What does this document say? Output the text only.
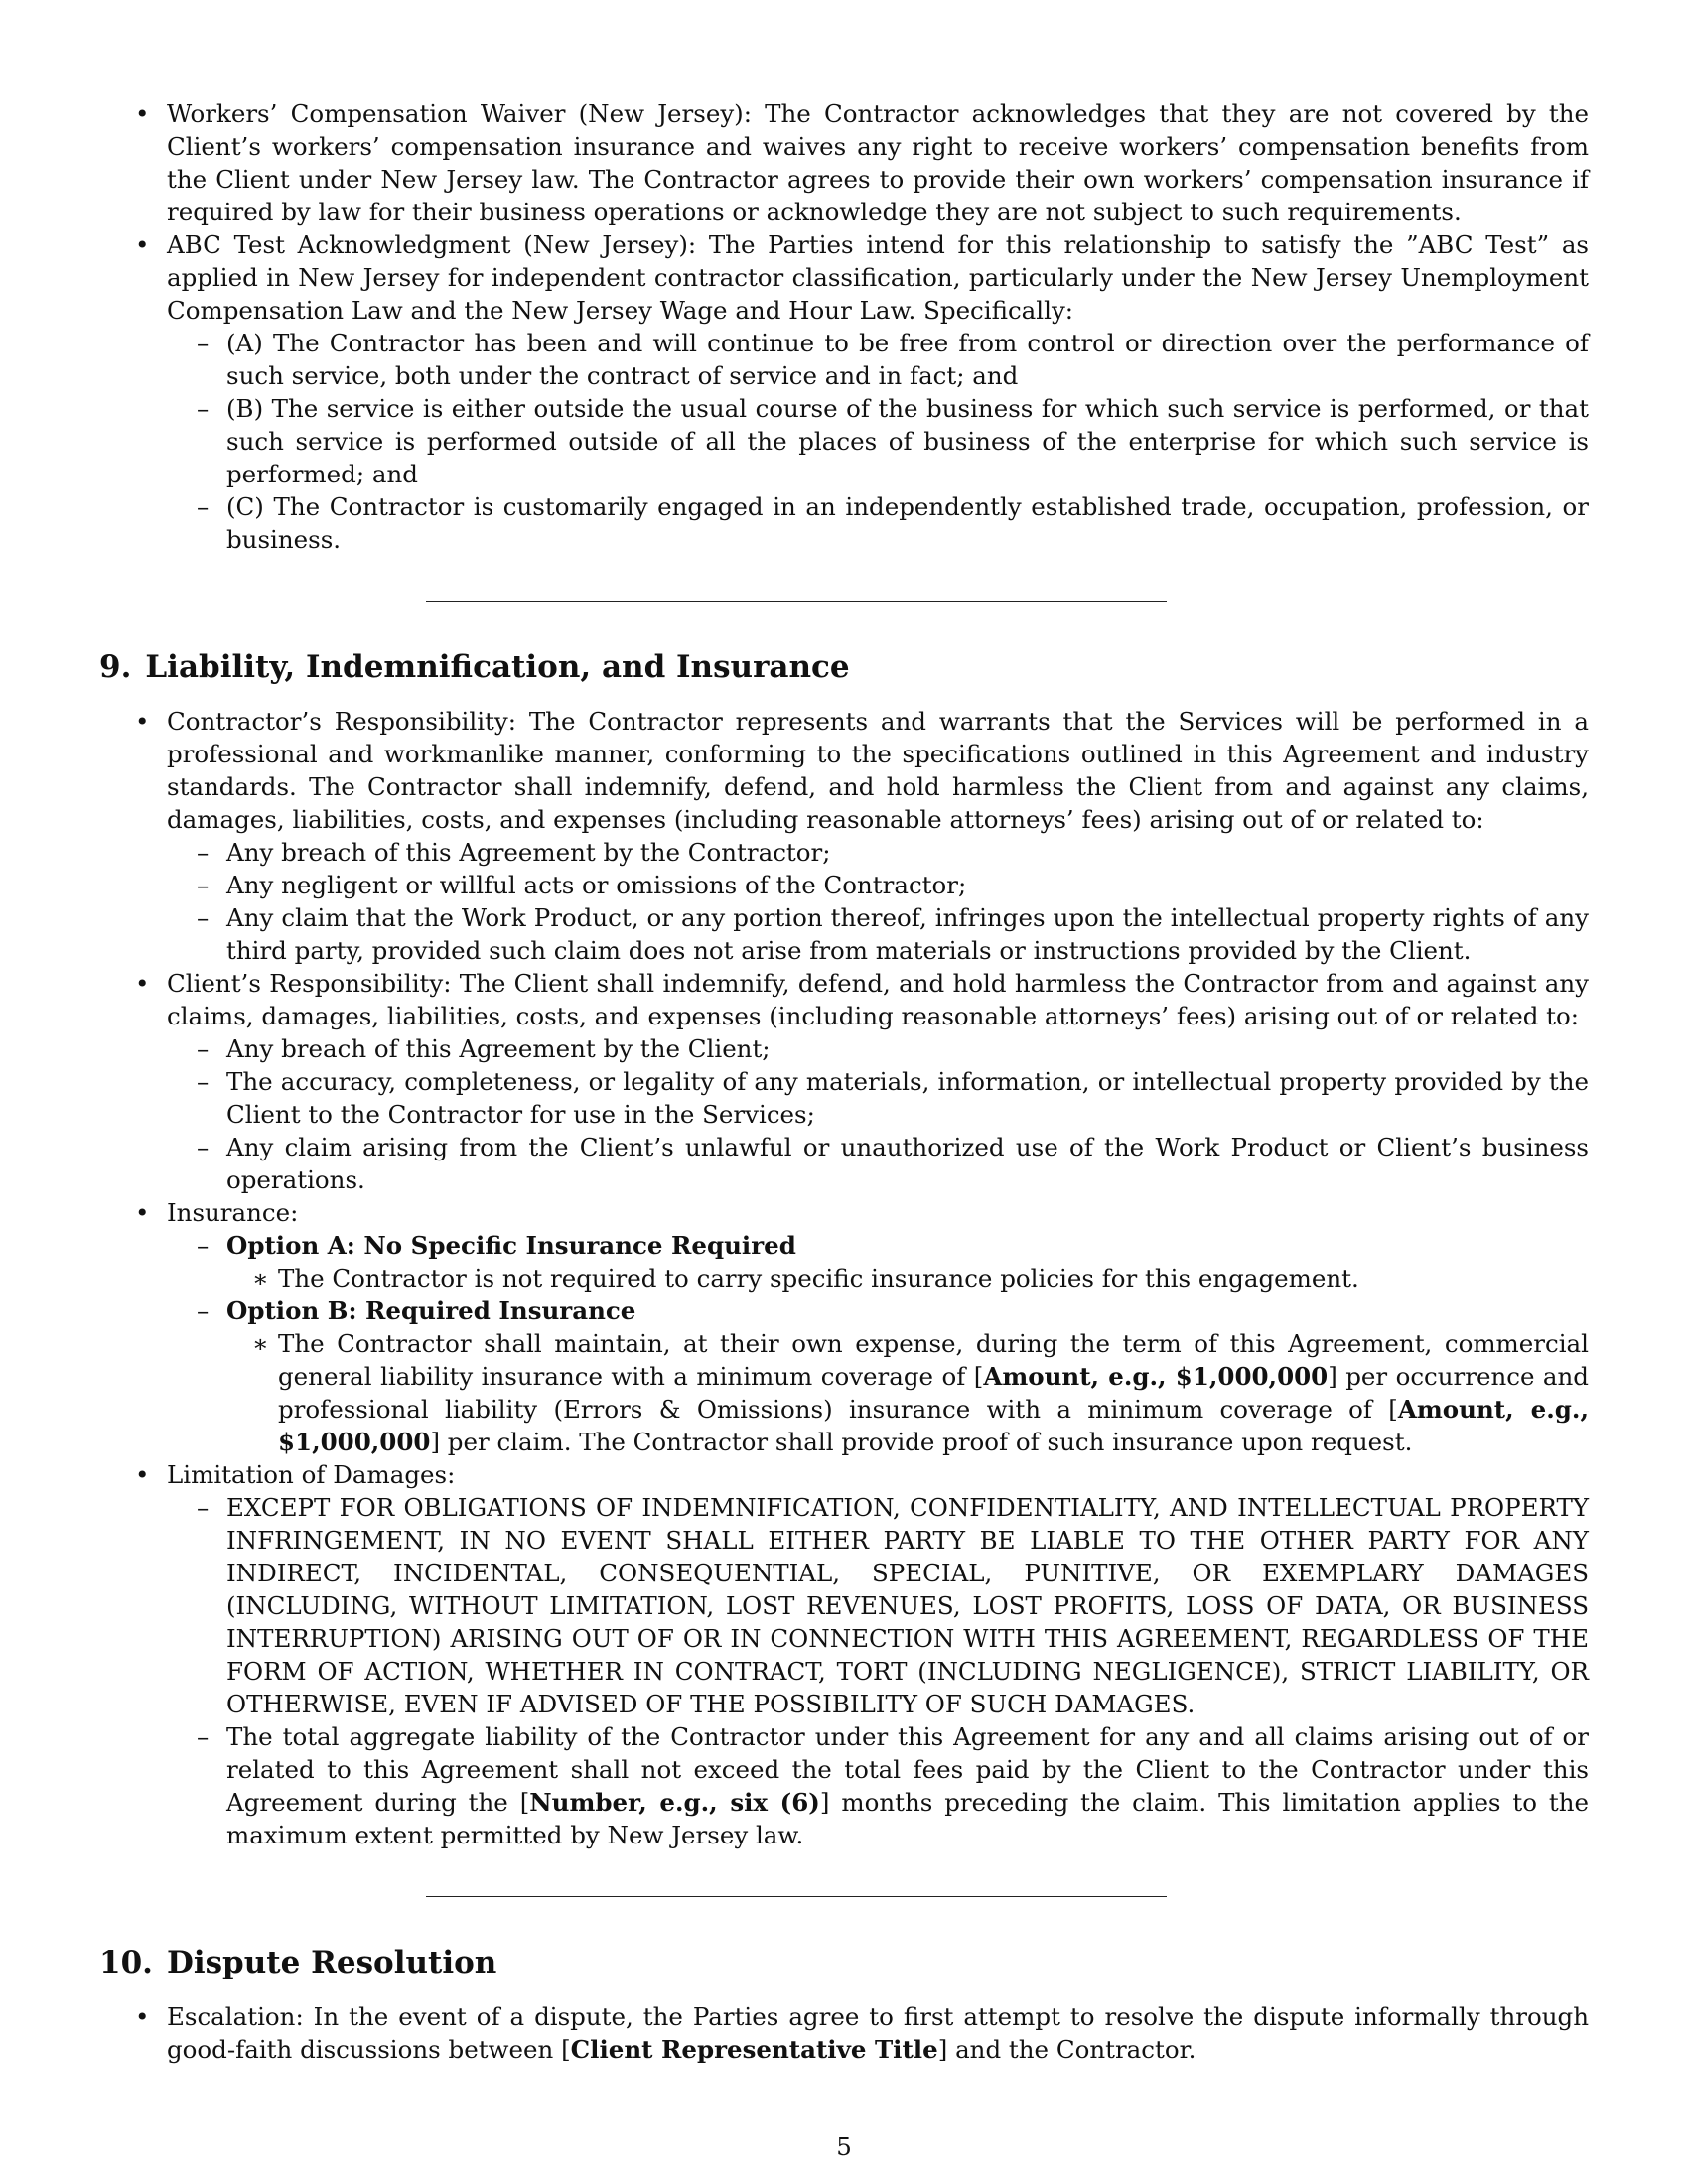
• Workers’ Compensation Waiver (New Jersey): The Contractor acknowledges that they are not covered by the Client’s workers’ compensation insurance and waives any right to receive workers’ compensation benefits from the Client under New Jersey law. The Contractor agrees to provide their own workers’ compensation insurance if required by law for their business operations or acknowledge they are not subject to such requirements.
• ABC Test Acknowledgment (New Jersey): The Parties intend for this relationship to satisfy the ”ABC Test” as applied in New Jersey for independent contractor classification, particularly under the New Jersey Unemployment Compensation Law and the New Jersey Wage and Hour Law. Specifically:
– (A) The Contractor has been and will continue to be free from control or direction over the performance of such service, both under the contract of service and in fact; and
– (B) The service is either outside the usual course of the business for which such service is performed, or that such service is performed outside of all the places of business of the enterprise for which such service is performed; and
– (C) The Contractor is customarily engaged in an independently established trade, occupation, profession, or business.
9. Liability, Indemnification, and Insurance
• Contractor’s Responsibility: The Contractor represents and warrants that the Services will be performed in a professional and workmanlike manner, conforming to the specifications outlined in this Agreement and industry standards. The Contractor shall indemnify, defend, and hold harmless the Client from and against any claims, damages, liabilities, costs, and expenses (including reasonable attorneys’ fees) arising out of or related to:
– Any breach of this Agreement by the Contractor;
– Any negligent or willful acts or omissions of the Contractor;
– Any claim that the Work Product, or any portion thereof, infringes upon the intellectual property rights of any third party, provided such claim does not arise from materials or instructions provided by the Client.
• Client’s Responsibility: The Client shall indemnify, defend, and hold harmless the Contractor from and against any claims, damages, liabilities, costs, and expenses (including reasonable attorneys’ fees) arising out of or related to:
– Any breach of this Agreement by the Client;
– The accuracy, completeness, or legality of any materials, information, or intellectual property provided by the Client to the Contractor for use in the Services;
– Any claim arising from the Client’s unlawful or unauthorized use of the Work Product or Client’s business operations.
• Insurance:
– Option A: No Specific Insurance Required
∗ The Contractor is not required to carry specific insurance policies for this engagement.
– Option B: Required Insurance
∗ The Contractor shall maintain, at their own expense, during the term of this Agreement, commercial general liability insurance with a minimum coverage of [Amount, e.g., $1,000,000] per occurrence and professional liability (Errors & Omissions) insurance with a minimum coverage of [Amount, e.g., $1,000,000] per claim. The Contractor shall provide proof of such insurance upon request.
• Limitation of Damages:
– EXCEPT FOR OBLIGATIONS OF INDEMNIFICATION, CONFIDENTIALITY, AND INTELLECTUAL PROPERTY INFRINGEMENT, IN NO EVENT SHALL EITHER PARTY BE LIABLE TO THE OTHER PARTY FOR ANY INDIRECT, INCIDENTAL, CONSEQUENTIAL, SPECIAL, PUNITIVE, OR EXEMPLARY DAMAGES (INCLUDING, WITHOUT LIMITATION, LOST REVENUES, LOST PROFITS, LOSS OF DATA, OR BUSINESS INTERRUPTION) ARISING OUT OF OR IN CONNECTION WITH THIS AGREEMENT, REGARDLESS OF THE FORM OF ACTION, WHETHER IN CONTRACT, TORT (INCLUDING NEGLIGENCE), STRICT LIABILITY, OR OTHERWISE, EVEN IF ADVISED OF THE POSSIBILITY OF SUCH DAMAGES.
– The total aggregate liability of the Contractor under this Agreement for any and all claims arising out of or related to this Agreement shall not exceed the total fees paid by the Client to the Contractor under this Agreement during the [Number, e.g., six (6)] months preceding the claim. This limitation applies to the maximum extent permitted by New Jersey law.
10. Dispute Resolution
• Escalation: In the event of a dispute, the Parties agree to first attempt to resolve the dispute informally through good-faith discussions between [Client Representative Title] and the Contractor.
5
